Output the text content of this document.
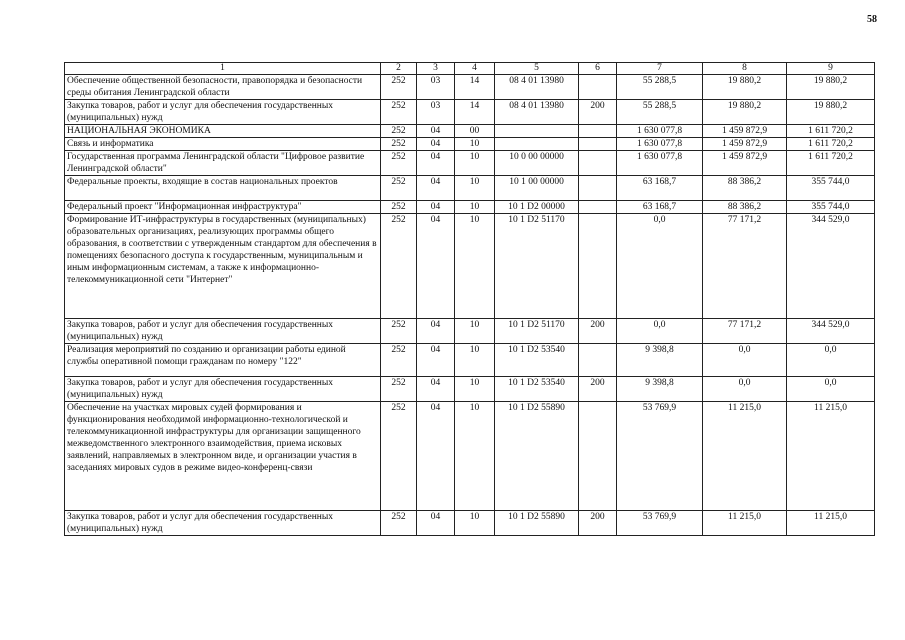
58
1	2	3	4	5	6	7	8	9
Обеспечение общественной безопасности, правопорядка и безопасности среды обитания Ленинградской области	252	03	14	08 4 01 13980		55 288,5	19 880,2	19 880,2
Закупка товаров, работ и услуг для обеспечения государственных (муниципальных) нужд	252	03	14	08 4 01 13980	200	55 288,5	19 880,2	19 880,2
НАЦИОНАЛЬНАЯ ЭКОНОМИКА	252	04	00			1 630 077,8	1 459 872,9	1 611 720,2
Связь и информатика	252	04	10			1 630 077,8	1 459 872,9	1 611 720,2
Государственная программа Ленинградской области "Цифровое развитие Ленинградской области"	252	04	10	10 0 00 00000		1 630 077,8	1 459 872,9	1 611 720,2
Федеральные проекты, входящие в состав национальных проектов	252	04	10	10 1 00 00000		63 168,7	88 386,2	355 744,0
Федеральный проект "Информационная инфраструктура"	252	04	10	10 1 D2 00000		63 168,7	88 386,2	355 744,0
Формирование ИТ-инфраструктуры в государственных (муниципальных) образовательных организациях, реализующих программы общего образования, в соответствии с утвержденным стандартом для обеспечения в помещениях безопасного доступа к государственным, муниципальным и иным информационным системам, а также к информационно-телекоммуникационной сети "Интернет"	252	04	10	10 1 D2 51170		0,0	77 171,2	344 529,0
Закупка товаров, работ и услуг для обеспечения государственных (муниципальных) нужд	252	04	10	10 1 D2 51170	200	0,0	77 171,2	344 529,0
Реализация мероприятий по созданию и организации работы единой службы оперативной помощи гражданам по номеру "122"	252	04	10	10 1 D2 53540		9 398,8	0,0	0,0
Закупка товаров, работ и услуг для обеспечения государственных (муниципальных) нужд	252	04	10	10 1 D2 53540	200	9 398,8	0,0	0,0
Обеспечение на участках мировых судей формирования и функционирования необходимой информационно-технологической и телекоммуникационной инфраструктуры для организации защищенного межведомственного электронного взаимодействия, приема исковых заявлений, направляемых в электронном виде, и организации участия в заседаниях мировых судов в режиме видео-конференц-связи	252	04	10	10 1 D2 55890		53 769,9	11 215,0	11 215,0
Закупка товаров, работ и услуг для обеспечения государственных (муниципальных) нужд	252	04	10	10 1 D2 55890	200	53 769,9	11 215,0	11 215,0
